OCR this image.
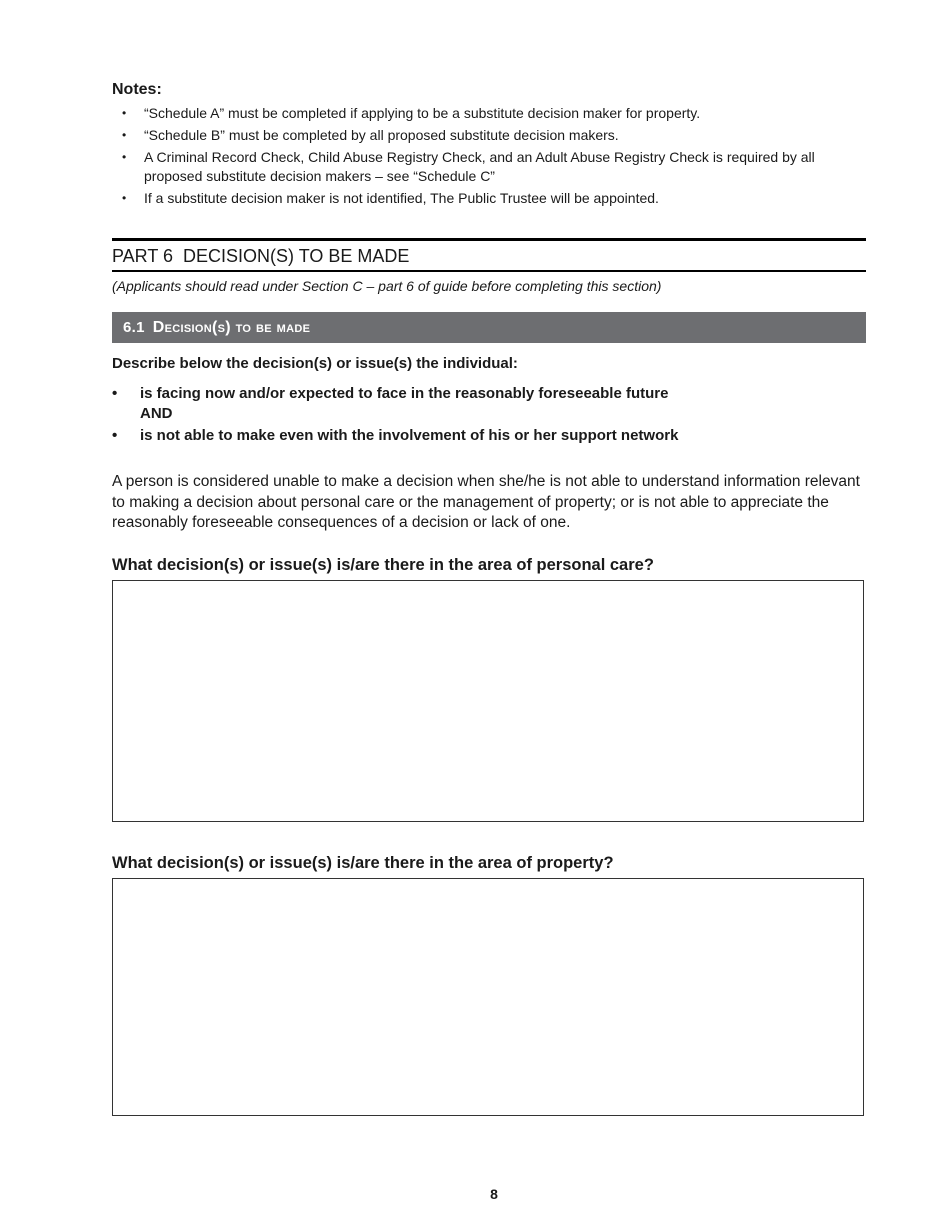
Notes:
• “Schedule A” must be completed if applying to be a substitute decision maker for property.
• “Schedule B” must be completed by all proposed substitute decision makers.
• A Criminal Record Check, Child Abuse Registry Check, and an Adult Abuse Registry Check is required by all proposed substitute decision makers – see “Schedule C”
• If a substitute decision maker is not identified, The Public Trustee will be appointed.
PART 6 DECISION(S) TO BE MADE
(Applicants should read under Section C – part 6 of guide before completing this section)
6.1 Decision(s) to be made
Describe below the decision(s) or issue(s) the individual:
• is facing now and/or expected to face in the reasonably foreseeable future
AND
• is not able to make even with the involvement of his or her support network
A person is considered unable to make a decision when she/he is not able to understand information relevant to making a decision about personal care or the management of property; or is not able to appreciate the reasonably foreseeable consequences of a decision or lack of one.
What decision(s) or issue(s) is/are there in the area of personal care?
What decision(s) or issue(s) is/are there in the area of property?
8
